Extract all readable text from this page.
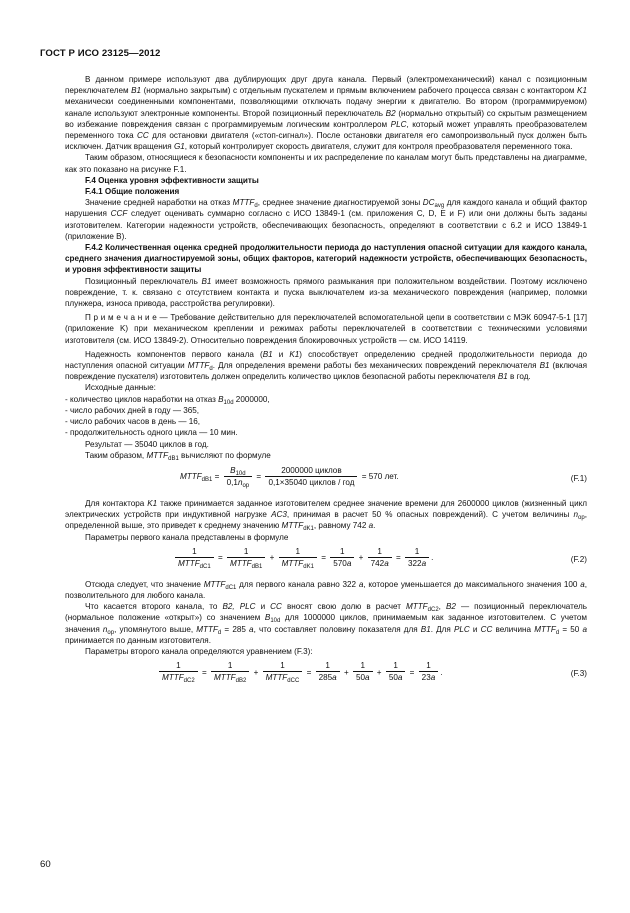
ГОСТ Р ИСО 23125—2012

В данном примере используют два дублирующих друг друга канала. Первый (электромеханический) канал с позиционным переключателем B1 (нормально закрытым) с отдельным пускателем и прямым включением рабочего процесса связан с контактором K1 механически соединенными компонентами, позволяющими отключать подачу энергии к двигателю. Во втором (программируемом) канале используют электронные компоненты. Второй позиционный переключатель B2 (нормально открытый) со скрытым размещением во избежание повреждения связан с программируемым логическим контроллером PLC, который может управлять преобразователем переменного тока CC для остановки двигателя («стоп-сигнал»). После остановки двигателя его самопроизвольный пуск должен быть исключен. Датчик вращения G1, который контролирует скорость двигателя, служит для контроля преобразователя переменного тока.

Таким образом, относящиеся к безопасности компоненты и их распределение по каналам могут быть представлены на диаграмме, как это показано на рисунке F.1.

F.4 Оценка уровня эффективности защиты

F.4.1 Общие положения

Значение средней наработки на отказ $MTTF_d$, среднее значение диагностируемой зоны $DC_{avg}$ для каждого канала и общий фактор нарушения CCF следует оценивать суммарно согласно с ИСО 13849-1 (см. приложения C, D, E и F) или они должны быть заданы изготовителем. Категории надежности устройств, обеспечивающих безопасность, определяют в соответствии с 6.2 и ИСО 13849-1 (приложение B).

F.4.2 Количественная оценка средней продолжительности периода до наступления опасной ситуации для каждого канала, среднего значения диагностируемой зоны, общих факторов, категорий надежности устройств, обеспечивающих безопасность, и уровня эффективности защиты

Позиционный переключатель B1 имеет возможность прямого размыкания при положительном воздействии. Поэтому исключено повреждение, т. к. связано с отсутствием контакта и пуска выключателем из-за механического повреждения (например, поломки плунжера, износа привода, расстройства регулировки).

П р и м е ч а н и е — Требование действительно для переключателей вспомогательной цепи в соответствии с МЭК 60947-5-1 [17] (приложение K) при механическом креплении и режимах работы переключателей в соответствии с техническими условиями изготовителя (см. ИСО 13849-2). Относительно повреждения блокировочных устройств — см. ИСО 14119.

Надежность компонентов первого канала (B1 и K1) способствует определению средней продолжительности периода до наступления опасной ситуации $MTTF_d$. Для определения времени работы без механических повреждений переключателя B1 (включая повреждение пускателя) изготовитель должен определить количество циклов безопасной работы переключателя B1 в год.

Исходные данные:

- количество циклов наработки на отказ $B_{10d}$ 2000000,

- число рабочих дней в году — 365,

- число рабочих часов в день — 16,

- продолжительность одного цикла — 10 мин.

Результат — 35040 циклов в год.

Таким образом, $MTTF_{dB1}$ вычисляют по формуле

$MTTF_{dB1} = \frac{B_{10d}}{0,1n_{op}} = \frac{\text{2000000 циклов}}{\text{0,1×35040 циклов / год}} = 570$ лет.	(F.1)

Для контактора K1 также принимается заданное изготовителем среднее значение времени для 2600000 циклов (жизненный цикл электрических устройств при индуктивной нагрузке AC3, принимая в расчет 50 % опасных повреждений). С учетом величины $n_{op}$, определенной выше, это приведет к среднему значению $MTTF_{dK1}$, равному 742 a.

Параметры первого канала представлены в формуле

$\frac{1}{MTTF_{dC1}} = \frac{1}{MTTF_{dB1}} + \frac{1}{MTTF_{dK1}} = \frac{1}{570a} + \frac{1}{742a} = \frac{1}{322a}$ .	(F.2)

Отсюда следует, что значение $MTTF_{dC1}$ для первого канала равно 322 a, которое уменьшается до максимального значения 100 a, позволительного для любого канала.

Что касается второго канала, то B2, PLC и CC вносят свою долю в расчет $MTTF_{dC2}$, B2 — позиционный переключатель (нормальное положение «открыт») со значением $B_{10d}$ для 1000000 циклов, принимаемым как заданное изготовителем. С учетом значения $n_{op}$, упомянутого выше, $MTTF_d = 285$ a, что составляет половину показателя для B1. Для PLC и CC величина $MTTF_d = 50$ a принимается по данным изготовителя.

Параметры второго канала определяются уравнением (F.3):

$\frac{1}{MTTF_{dC2}} = \frac{1}{MTTF_{dB2}} + \frac{1}{MTTF_{dCC}} = \frac{1}{285a} + \frac{1}{50a} + \frac{1}{50a} = \frac{1}{23a}$ .	(F.3)
60
